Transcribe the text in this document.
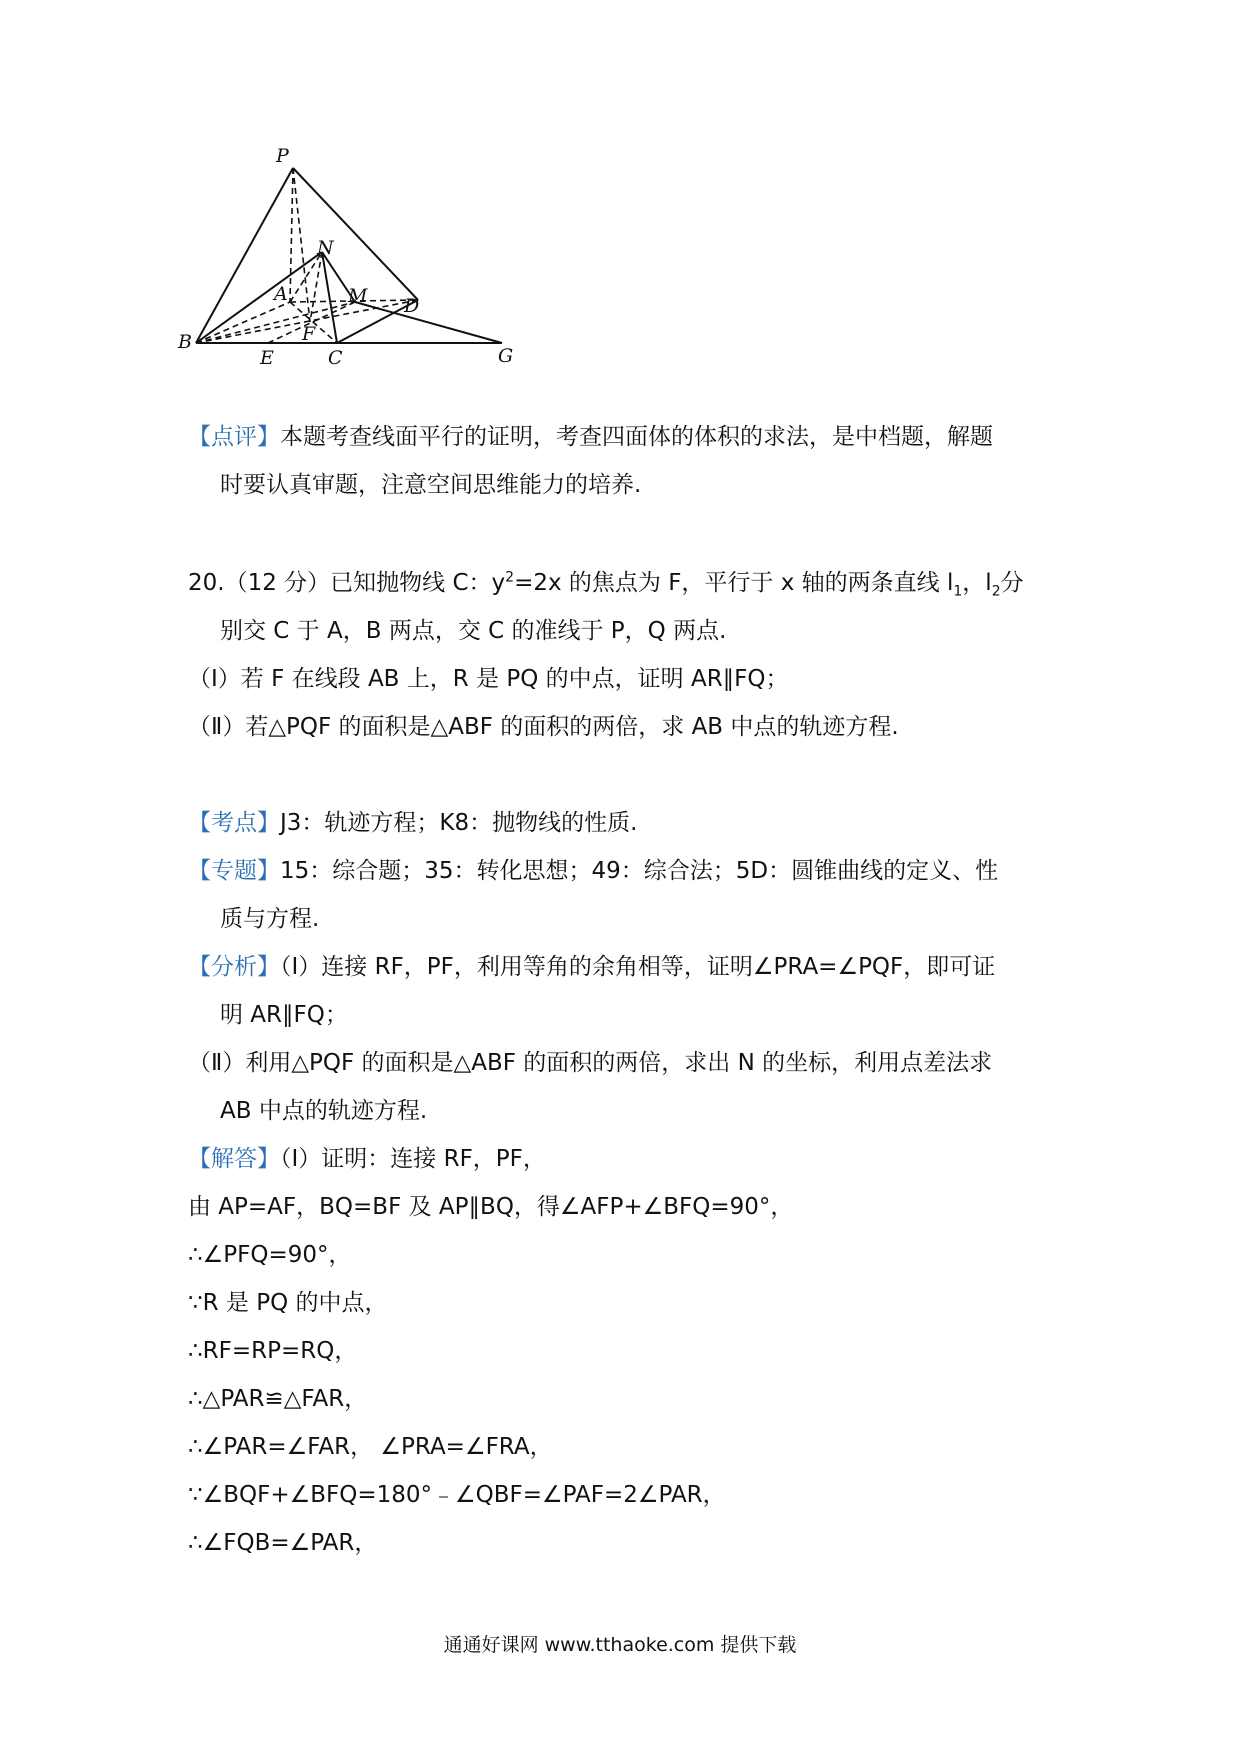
P
N
A	M D
B	F
E	C	G
【点评】本题考查线面平行的证明，考查四面体的体积的求法，是中档题，解题
时要认真审题，注意空间思维能力的培养.
20.（12 分）已知抛物线 C：$y^2=2x$ 的焦点为 F，平行于 x 轴的两条直线 $l_1$，$l_2$分
别交 C 于 A，B 两点，交 C 的准线于 P，Q 两点.
（Ⅰ）若 F 在线段 AB 上，R 是 PQ 的中点，证明 AR∥FQ；
（Ⅱ）若△PQF 的面积是△ABF 的面积的两倍，求 AB 中点的轨迹方程.
【考点】J3：轨迹方程；K8：抛物线的性质.
【专题】15：综合题；35：转化思想；49：综合法；5D：圆锥曲线的定义、性
质与方程.
【分析】（Ⅰ）连接 RF，PF，利用等角的余角相等，证明∠PRA=∠PQF，即可证
明 AR∥FQ；
（Ⅱ）利用△PQF 的面积是△ABF 的面积的两倍，求出 N 的坐标，利用点差法求
AB 中点的轨迹方程.
【解答】（Ⅰ）证明：连接 RF，PF，
由 AP=AF，BQ=BF 及 AP∥BQ，得∠AFP+∠BFQ=90°，
∴∠PFQ=90°，
∵R 是 PQ 的中点，
∴RF=RP=RQ，
∴△PAR≌△FAR，
∴∠PAR=∠FAR， ∠PRA=∠FRA，
∵∠BQF+∠BFQ=180°﹣∠QBF=∠PAF=2∠PAR，
∴∠FQB=∠PAR，
通通好课网 www.tthaoke.com 提供下载
